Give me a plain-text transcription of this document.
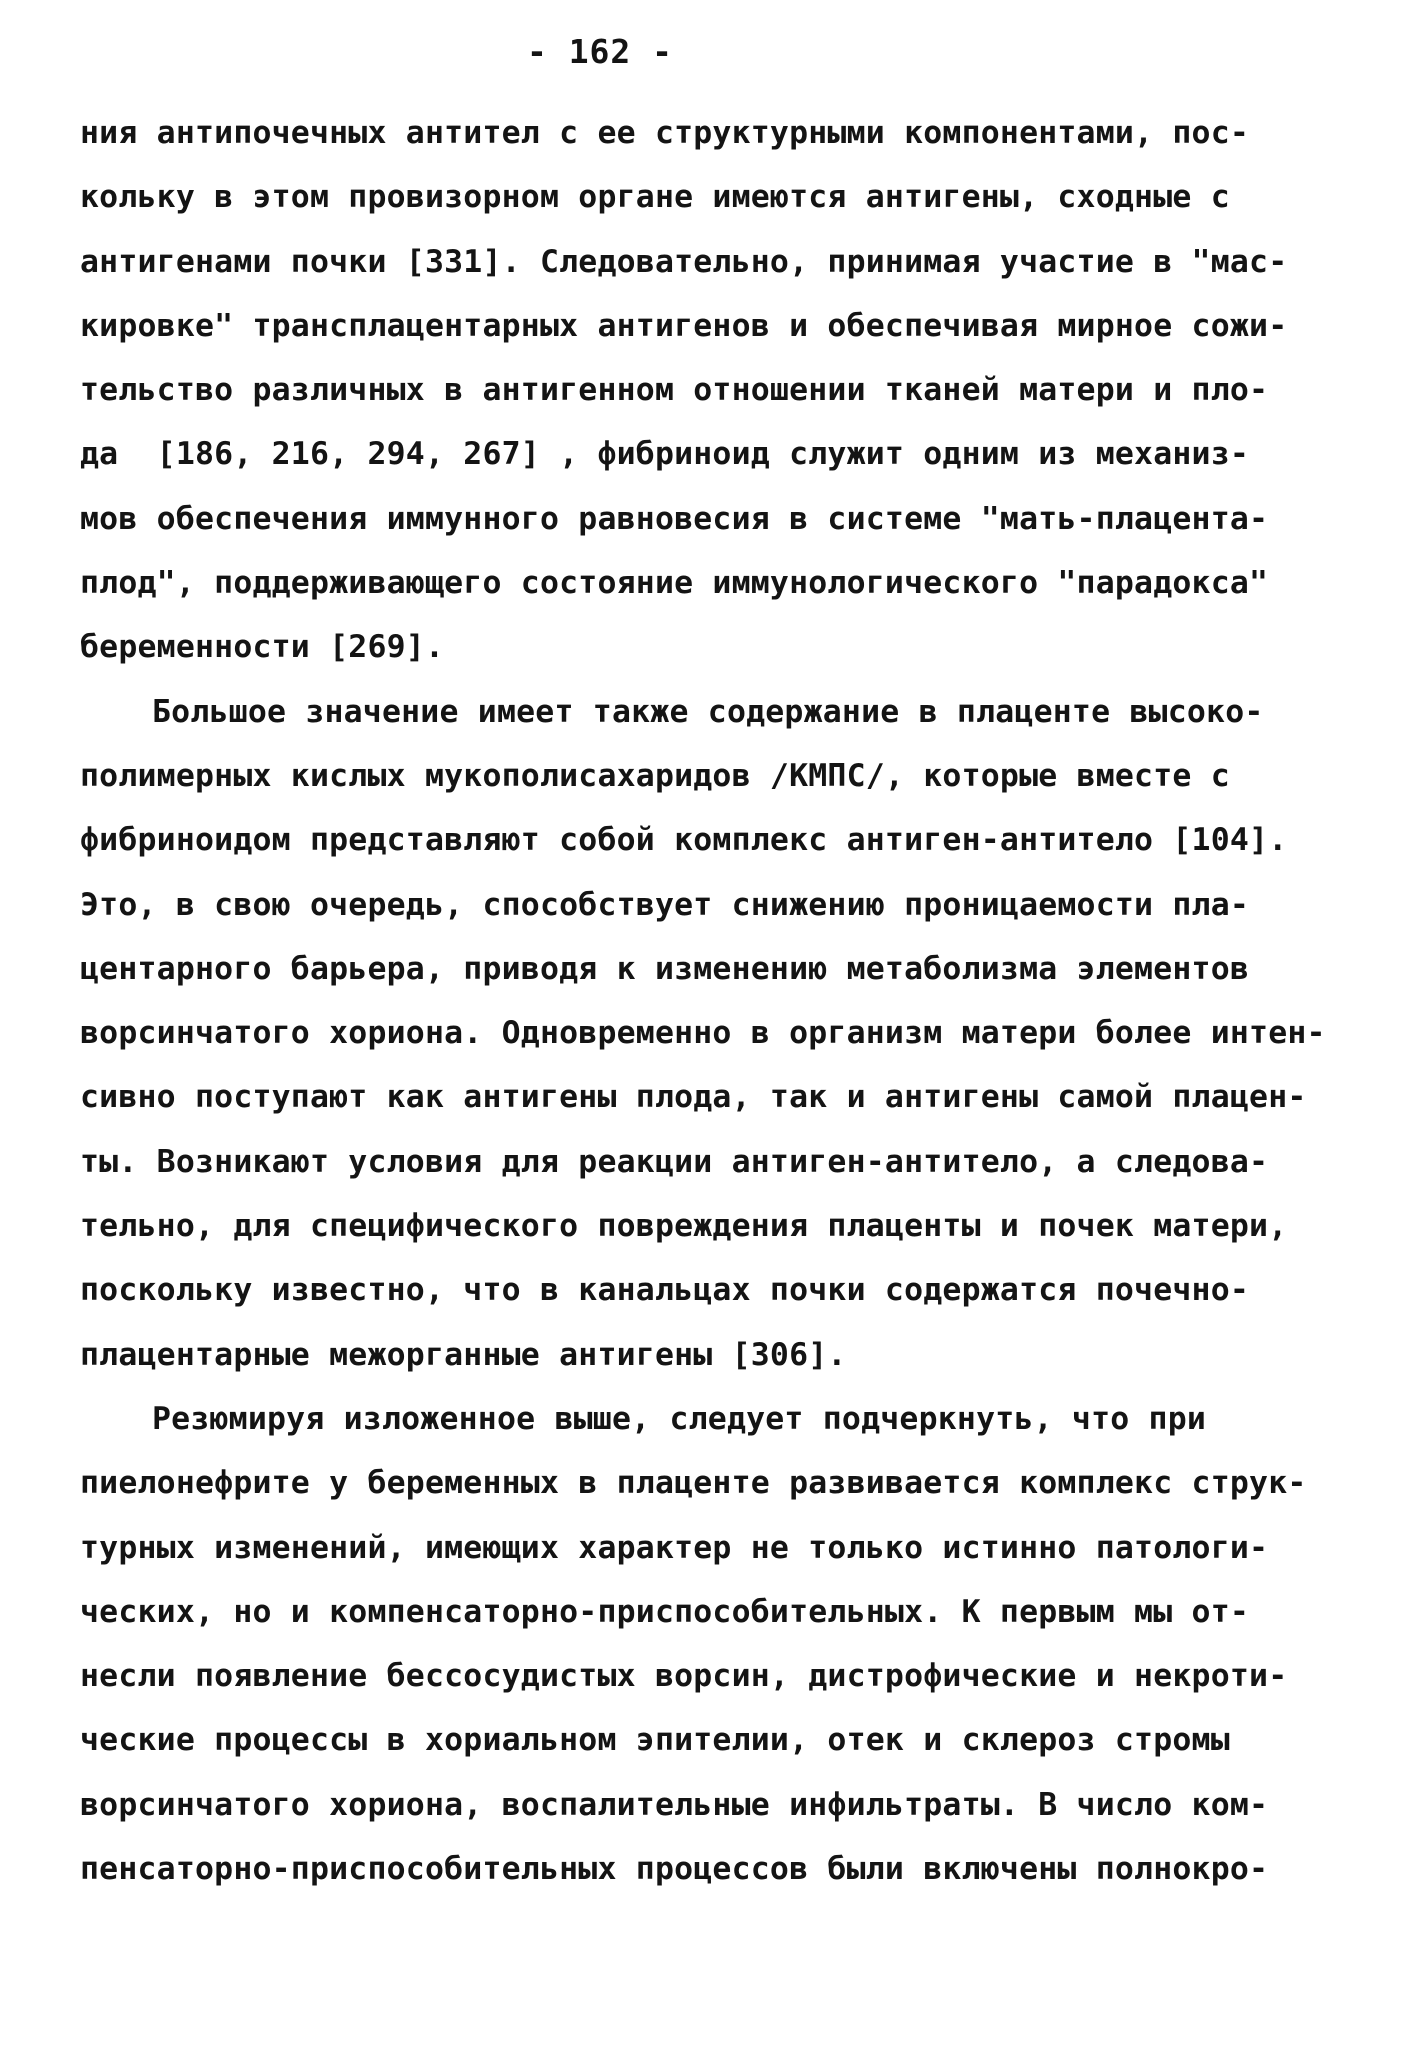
- 162 -
ния антипочечных антител с ее структурными компонентами, пос-
кольку в этом провизорном органе имеются антигены, сходные с
антигенами почки [331]. Следовательно, принимая участие в "мас-
кировке" трансплацентарных антигенов и обеспечивая мирное сожи-
тельство различных в антигенном отношении тканей матери и пло-
да  [186, 216, 294, 267] , фибриноид служит одним из механиз-
мов обеспечения иммунного равновесия в системе "мать-плацента-
плод", поддерживающего состояние иммунологического "парадокса"
беременности [269].
Большое значение имеет также содержание в плаценте высоко-
полимерных кислых мукополисахаридов /КМПС/, которые вместе с
фибриноидом представляют собой комплекс антиген-антитело [104].
Это, в свою очередь, способствует снижению проницаемости пла-
центарного барьера, приводя к изменению метаболизма элементов
ворсинчатого хориона. Одновременно в организм матери более интен-
сивно поступают как антигены плода, так и антигены самой плацен-
ты. Возникают условия для реакции антиген-антитело, а следова-
тельно, для специфического повреждения плаценты и почек матери,
поскольку известно, что в канальцах почки содержатся почечно-
плацентарные межорганные антигены [306].
Резюмируя изложенное выше, следует подчеркнуть, что при
пиелонефрите у беременных в плаценте развивается комплекс струк-
турных изменений, имеющих характер не только истинно патологи-
ческих, но и компенсаторно-приспособительных. К первым мы от-
несли появление бессосудистых ворсин, дистрофические и некроти-
ческие процессы в хориальном эпителии, отек и склероз стромы
ворсинчатого хориона, воспалительные инфильтраты. В число ком-
пенсаторно-приспособительных процессов были включены полнокро-
